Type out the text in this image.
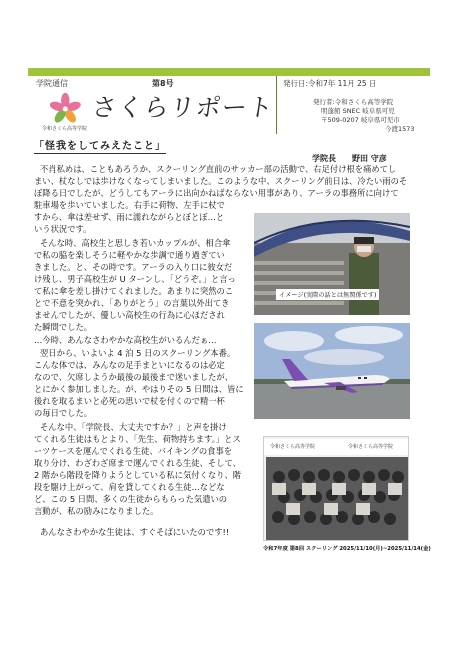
学院通信	第8号
さくらリポート
令和さくら高等学院
発行日:令和7年 11月 25 日
発行者:令和さくら高等学院
明蓬館 SNEC 岐阜県可児
〒509-0207 岐阜県可児市
今渡1573
「怪我をしてみえたこと」
学院長　　野田 守彦
不肖私めは、こともあろうか、スクーリング直前のサッカー部の活動で、右足付け根を痛めてし
まい、杖なしでは歩けなくなってしまいました。このような中、スクーリング前日は、冷たい雨のそ
ぼ降る日でしたが、どうしてもアーラに出向かねばならない用事があり、アーラの事務所に向けて
駐車場を歩いていました。右手に荷物、左手に杖で
すから、傘は差せず、雨に濡れながらとぼとぼ…と
いう状況です。
そんな時、高校生と思しき若いカップルが、相合傘
で私の脇を楽しそうに軽やかな歩調で通り過ぎてい
きました。と、その時です。アーラの入り口に彼女だ
け残し、男子高校生が U ターンし、「どうぞ。」と言っ
て私に傘を差し掛けてくれました。あまりに突然のこ
とで不意を突かれ、「ありがとう」の言葉以外出てき
ませんでしたが、優しい高校生の行為に心ほだされ
た瞬間でした。
…今時、あんなさわやかな高校生がいるんだぁ…
翌日から、いよいよ 4 泊 5 日のスクーリング本番。
こんな体では、みんなの足手まといになるのは必定
なので、欠席しようか最後の最後まで迷いましたが、
とにかく参加しました。が、やはりその 5 日間は、皆に
後れを取るまいと必死の思いで杖を付くので精一杯
の毎日でした。
そんな中、「学院長、大丈夫ですか？」と声を掛け
てくれる生徒はもとより、「先生、荷物持ちます。」とス
ーツケースを運んでくれる生徒、バイキングの食事を
取り分け、わざわざ席まで運んでくれる生徒、そして、
2 階から階段を降りようとしている私に気付くなり、階
段を駆け上がって、肩を貸してくれる生徒…などな
ど、この 5 日間、多くの生徒からもらった気遣いの
言動が、私の励みになりました。
あんなさわやかな生徒は、すぐそばにいたのです!!
イメージ(実際の話とは無関係です)
令和さくら高等学院	令和さくら高等学院
令和7年度 第8回 スクーリング 2025/11/10(月)~2025/11/14(金)
